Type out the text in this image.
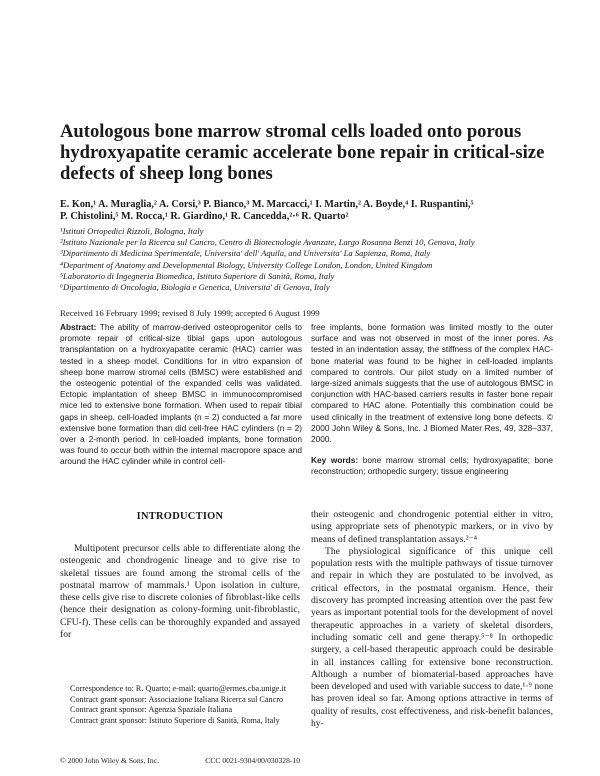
Autologous bone marrow stromal cells loaded onto porous hydroxyapatite ceramic accelerate bone repair in critical-size defects of sheep long bones
E. Kon,¹ A. Muraglia,² A. Corsi,³ P. Bianco,³ M. Marcacci,¹ I. Martin,² A. Boyde,⁴ I. Ruspantini,⁵
P. Chistolini,⁵ M. Rocca,¹ R. Giardino,¹ R. Cancedda,²·⁶ R. Quarto²
¹Istituti Ortopedici Rizzoli, Bologna, Italy
²Istituto Nazionale per la Ricerca sul Cancro, Centro di Biotecnologie Avanzate, Largo Rosanna Benzi 10, Genova, Italy
³Dipartimento di Medicina Sperimentale, Universita' dell' Aquila, and Universita' La Sapienza, Roma, Italy
⁴Department of Anatomy and Developmental Biology, University College London, London, United Kingdom
⁵Laboratorio di Ingegneria Biomedica, Istituto Superiore di Sanità, Roma, Italy
⁶Dipartimento di Oncologia, Biologia e Genetica, Universita' di Genova, Italy
Received 16 February 1999; revised 8 July 1999; accepted 6 August 1999

Abstract: The ability of marrow-derived osteoprogenitor cells to promote repair of critical-size tibial gaps upon autologous transplantation on a hydroxyapatite ceramic (HAC) carrier was tested in a sheep model. Conditions for in vitro expansion of sheep bone marrow stromal cells (BMSC) were established and the osteogenic potential of the expanded cells was validated. Ectopic implantation of sheep BMSC in immunocompromised mice led to extensive bone formation. When used to repair tibial gaps in sheep, cell-loaded implants (n = 2) conducted a far more extensive bone formation than did cell-free HAC cylinders (n = 2) over a 2-month period. In cell-loaded implants, bone formation was found to occur both within the internal macropore space and around the HAC cylinder while in control cell-

free implants, bone formation was limited mostly to the outer surface and was not observed in most of the inner pores. As tested in an indentation assay, the stiffness of the complex HAC-bone material was found to be higher in cell-loaded implants compared to controls. Our pilot study on a limited number of large-sized animals suggests that the use of autologous BMSC in conjunction with HAC-based carriers results in faster bone repair compared to HAC alone. Potentially this combination could be used clinically in the treatment of extensive long bone defects. © 2000 John Wiley & Sons, Inc. J Biomed Mater Res, 49, 328–337, 2000.

Key words: bone marrow stromal cells; hydroxyapatite; bone reconstruction; orthopedic surgery; tissue engineering

INTRODUCTION

Multipotent precursor cells able to differentiate along the osteogenic and chondrogenic lineage and to give rise to skeletal tissues are found among the stromal cells of the postnatal marrow of mammals.¹ Upon isolation in culture, these cells give rise to discrete colonies of fibroblast-like cells (hence their designation as colony-forming unit-fibroblastic, CFU-f). These cells can be thoroughly expanded and assayed for

their osteogenic and chondrogenic potential either in vitro, using appropriate sets of phenotypic markers, or in vivo by means of defined transplantation assays.²⁻⁴

The physiological significance of this unique cell population rests with the multiple pathways of tissue turnover and repair in which they are postulated to be involved, as critical effectors, in the postnatal organism. Hence, their discovery has prompted increasing attention over the past few years as important potential tools for the development of novel therapeutic approaches in a variety of skeletal disorders, including somatic cell and gene therapy.⁵⁻⁸ In orthopedic surgery, a cell-based therapeutic approach could be desirable in all instances calling for extensive bone reconstruction. Although a number of biomaterial-based approaches have been developed and used with variable success to date,¹·⁹ none has proven ideal so far. Among options attractive in terms of quality of results, cost effectiveness, and risk-benefit balances, hy-

Correspondence to: R. Quarto; e-mail: quarto@ermes.cba.unige.it

Contract grant sponsor: Associazione Italiana Ricerca sul Cancro

Contract grant sponsor: Agenzia Spaziale Italiana

Contract grant sponsor: Istituto Superiore di Sanità, Roma, Italy

© 2000 John Wiley & Sons, Inc.	CCC 0021-9304/00/030328-10
